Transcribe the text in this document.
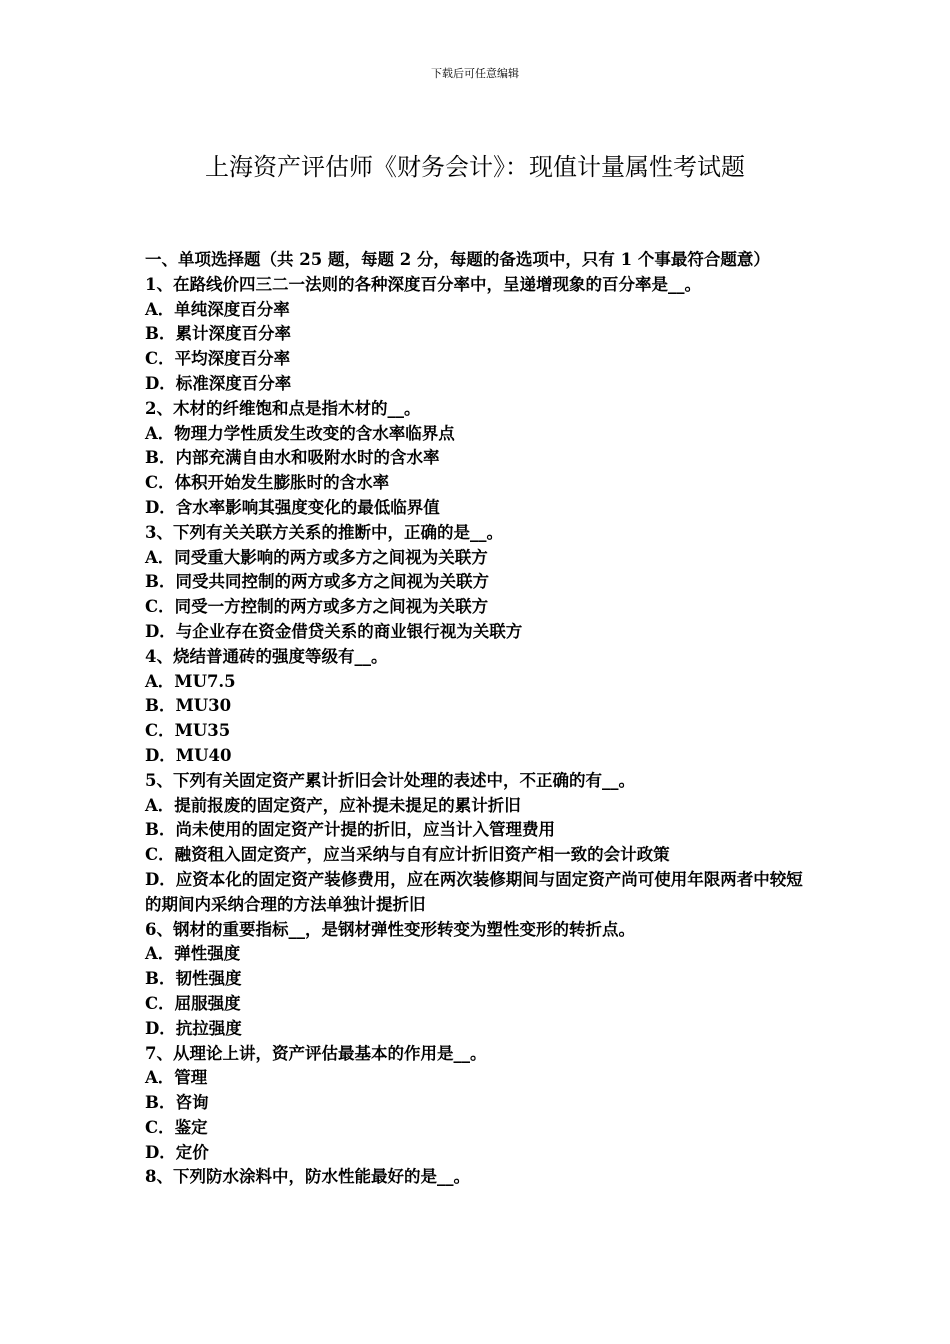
下载后可任意编辑
上海资产评估师《财务会计》：现值计量属性考试题

一、单项选择题（共 25 题，每题 2 分，每题的备选项中，只有 1 个事最符合题意）

1、在路线价四三二一法则的各种深度百分率中，呈递增现象的百分率是__。

A．单纯深度百分率

B．累计深度百分率

C．平均深度百分率

D．标准深度百分率

2、木材的纤维饱和点是指木材的__。

A．物理力学性质发生改变的含水率临界点

B．内部充满自由水和吸附水时的含水率

C．体积开始发生膨胀时的含水率

D．含水率影响其强度变化的最低临界值

3、下列有关关联方关系的推断中，正确的是__。

A．同受重大影响的两方或多方之间视为关联方

B．同受共同控制的两方或多方之间视为关联方

C．同受一方控制的两方或多方之间视为关联方

D．与企业存在资金借贷关系的商业银行视为关联方

4、烧结普通砖的强度等级有__。

A．MU7.5

B．MU30

C．MU35

D．MU40

5、下列有关固定资产累计折旧会计处理的表述中，不正确的有__。

A．提前报废的固定资产，应补提未提足的累计折旧

B．尚未使用的固定资产计提的折旧，应当计入管理费用

C．融资租入固定资产，应当采纳与自有应计折旧资产相一致的会计政策

D．应资本化的固定资产装修费用，应在两次装修期间与固定资产尚可使用年限两者中较短的期间内采纳合理的方法单独计提折旧

6、钢材的重要指标__，是钢材弹性变形转变为塑性变形的转折点。

A．弹性强度

B．韧性强度

C．屈服强度

D．抗拉强度

7、从理论上讲，资产评估最基本的作用是__。

A．管理

B．咨询

C．鉴定

D．定价

8、下列防水涂料中，防水性能最好的是__。
